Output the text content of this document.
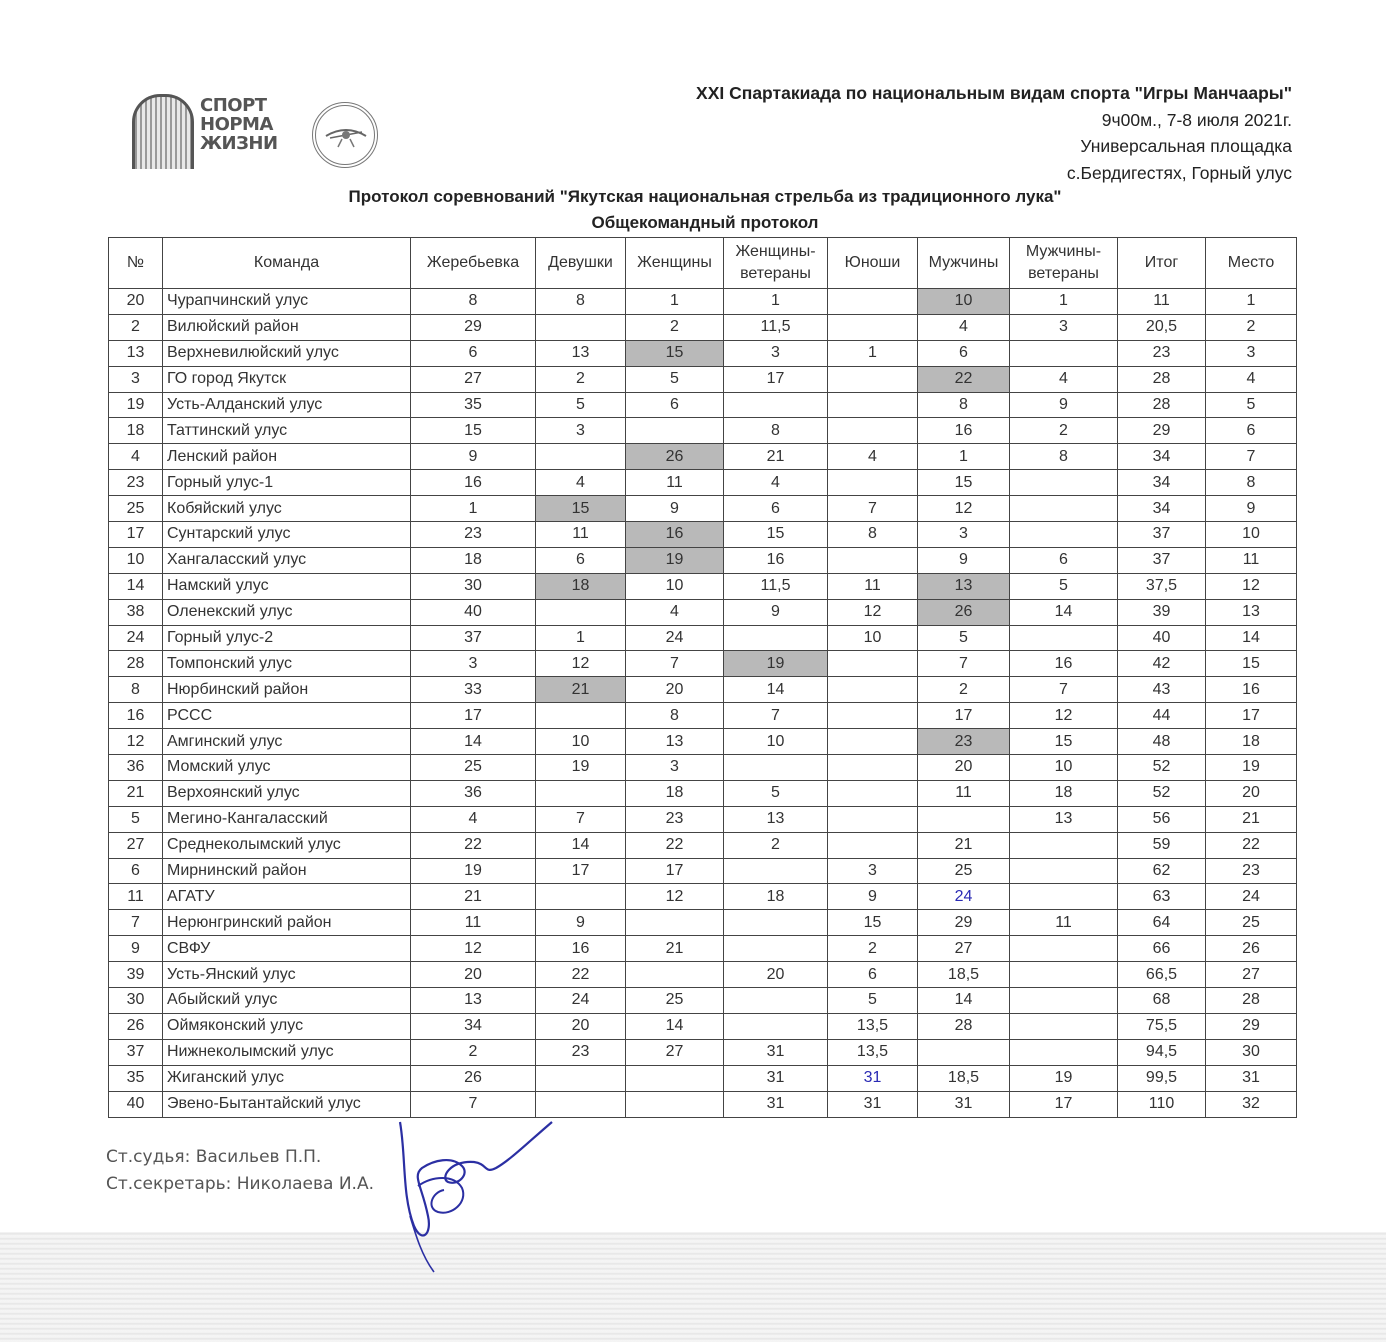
СПОРТ
НОРМА
ЖИЗНИ
XXI Спартакиада по национальным видам спорта "Игры Манчаары"
9ч00м., 7-8 июля 2021г.
Универсальная площадка
с.Бердигестях, Горный улус
Протокол соревнований "Якутская национальная стрельба из традиционного лука"
Общекомандный протокол
№	Команда	Жеребьевка	Девушки	Женщины	Женщины-ветераны	Юноши	Мужчины	Мужчины-ветераны	Итог	Место
20	Чурапчинский улус	8	8	1	1		10	1	11	1
2	Вилюйский район	29		2	11,5		4	3	20,5	2
13	Верхневилюйский улус	6	13	15	3	1	6		23	3
3	ГО город Якутск	27	2	5	17		22	4	28	4
19	Усть-Алданский улус	35	5	6			8	9	28	5
18	Таттинский улус	15	3		8		16	2	29	6
4	Ленский район	9		26	21	4	1	8	34	7
23	Горный улус-1	16	4	11	4		15		34	8
25	Кобяйский улус	1	15	9	6	7	12		34	9
17	Сунтарский улус	23	11	16	15	8	3		37	10
10	Хангаласский улус	18	6	19	16		9	6	37	11
14	Намский улус	30	18	10	11,5	11	13	5	37,5	12
38	Оленекский улус	40		4	9	12	26	14	39	13
24	Горный улус-2	37	1	24		10	5		40	14
28	Томпонский улус	3	12	7	19		7	16	42	15
8	Нюрбинский район	33	21	20	14		2	7	43	16
16	РССС	17		8	7		17	12	44	17
12	Амгинский улус	14	10	13	10		23	15	48	18
36	Момский улус	25	19	3			20	10	52	19
21	Верхоянский улус	36		18	5		11	18	52	20
5	Мегино-Кангаласский	4	7	23	13			13	56	21
27	Среднеколымский улус	22	14	22	2		21		59	22
6	Мирнинский район	19	17	17		3	25		62	23
11	АГАТУ	21		12	18	9	24		63	24
7	Нерюнгринский район	11	9			15	29	11	64	25
9	СВФУ	12	16	21		2	27		66	26
39	Усть-Янский улус	20	22		20	6	18,5		66,5	27
30	Абыйский улус	13	24	25		5	14		68	28
26	Оймяконский улус	34	20	14		13,5	28		75,5	29
37	Нижнеколымский улус	2	23	27	31	13,5			94,5	30
35	Жиганский улус	26			31	31	18,5	19	99,5	31
40	Эвено-Бытантайский улус	7			31	31	31	17	110	32
Ст.судья: Васильев П.П.
Ст.секретарь: Николаева И.А.
